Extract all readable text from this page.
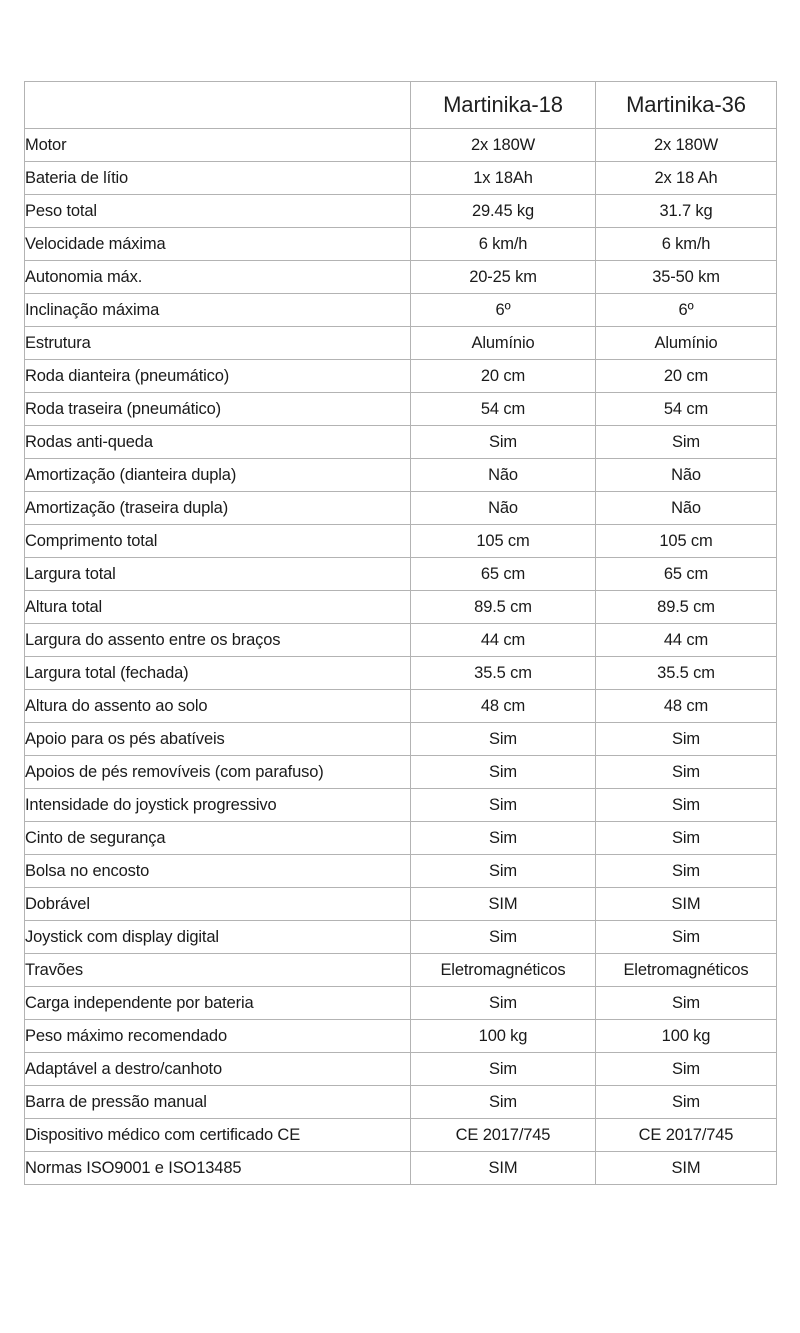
	Martinika-18	Martinika-36
Motor	2x 180W	2x 180W
Bateria de lítio	1x 18Ah	2x 18 Ah
Peso total	29.45 kg	31.7 kg
Velocidade máxima	6 km/h	6 km/h
Autonomia máx.	20-25 km	35-50 km
Inclinação máxima	6º	6º
Estrutura	Alumínio	Alumínio
Roda dianteira (pneumático)	20 cm	20 cm
Roda traseira (pneumático)	54 cm	54 cm
Rodas anti-queda	Sim	Sim
Amortização (dianteira dupla)	Não	Não
Amortização (traseira dupla)	Não	Não
Comprimento total	105 cm	105 cm
Largura total	65 cm	65 cm
Altura total	89.5 cm	89.5 cm
Largura do assento entre os braços	44 cm	44 cm
Largura total (fechada)	35.5 cm	35.5 cm
Altura do assento ao solo	48 cm	48 cm
Apoio para os pés abatíveis	Sim	Sim
Apoios de pés removíveis (com parafuso)	Sim	Sim
Intensidade do joystick progressivo	Sim	Sim
Cinto de segurança	Sim	Sim
Bolsa no encosto	Sim	Sim
Dobrável	SIM	SIM
Joystick com display digital	Sim	Sim
Travões	Eletromagnéticos	Eletromagnéticos
Carga independente por bateria	Sim	Sim
Peso máximo recomendado	100 kg	100 kg
Adaptável a destro/canhoto	Sim	Sim
Barra de pressão manual	Sim	Sim
Dispositivo médico com certificado CE	CE 2017/745	CE 2017/745
Normas ISO9001 e ISO13485	SIM	SIM
